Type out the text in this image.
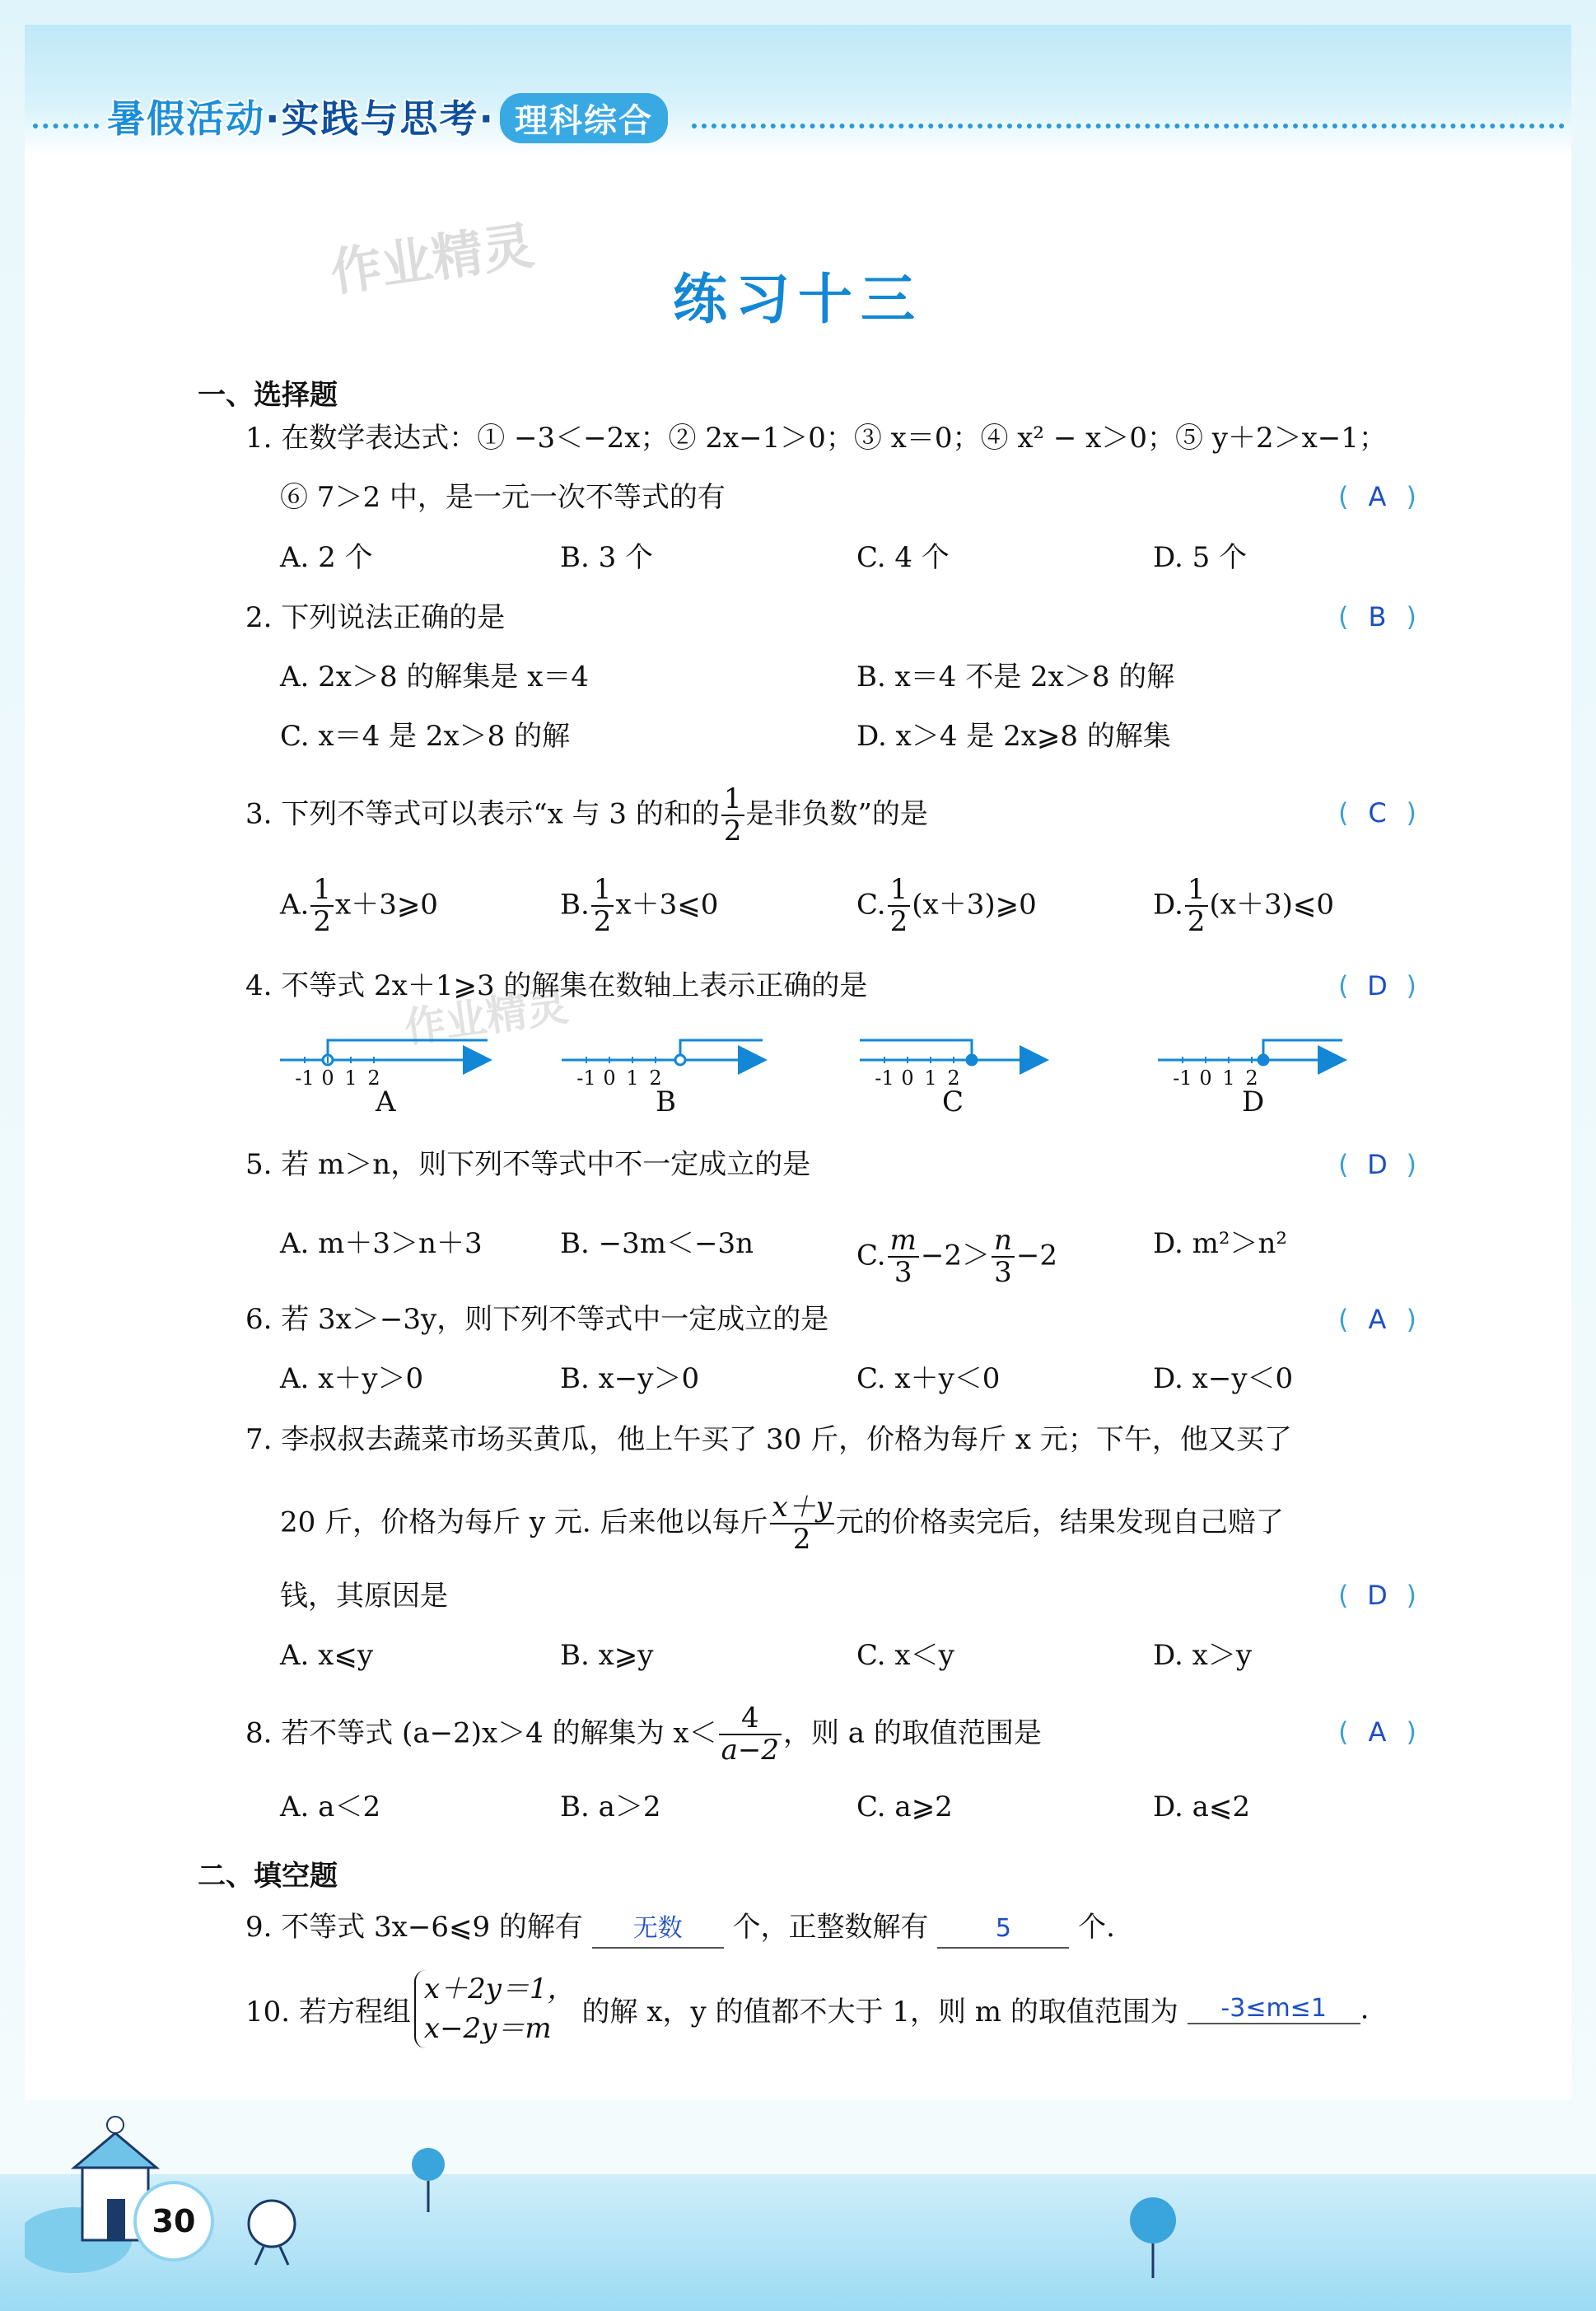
暑假活动·实践与思考· 理科综合
作业精灵
作业精灵
练习十三
一、选择题
1. 在数学表达式：① −3＜−2x；② 2x−1＞0；③ x＝0；④ x² − x＞0；⑤ y＋2＞x−1；
⑥ 7＞2 中，是一元一次不等式的有	( A )
A. 2 个	B. 3 个	C. 4 个	D. 5 个
2. 下列说法正确的是	( B )
A. 2x＞8 的解集是 x＝4	B. x＝4 不是 2x＞8 的解
C. x＝4 是 2x＞8 的解	D. x＞4 是 2x⩾8 的解集
3. 下列不等式可以表示“x 与 3 的和的 $\frac{1}{2}$ 是非负数”的是	( C )
A. $\frac{1}{2}$ x＋3⩾0	B. $\frac{1}{2}$ x＋3⩽0	C. $\frac{1}{2}$ (x＋3)⩾0	D. $\frac{1}{2}$ (x＋3)⩽0
4. 不等式 2x＋1⩾3 的解集在数轴上表示正确的是	( D )
-1 0 1 2	-1 0 1 2	-1 0 1 2	-1 0 1 2
A	B	C	D
5. 若 m＞n，则下列不等式中不一定成立的是	( D )
A. m＋3＞n＋3	B. −3m＜−3n	C. $\frac{m}{3} -2> \frac{n}{3} -2$	D. m²＞n²
6. 若 3x＞−3y，则下列不等式中一定成立的是	( A )
A. x＋y＞0	B. x−y＞0	C. x＋y＜0	D. x−y＜0
7. 李叔叔去蔬菜市场买黄瓜，他上午买了 30 斤，价格为每斤 x 元；下午，他又买了
20 斤，价格为每斤 y 元. 后来他以每斤 $\frac{x+y}{2}$ 元的价格卖完后，结果发现自己赔了
钱，其原因是	( D )
A. x⩽y	B. x⩾y	C. x＜y	D. x＞y
8. 若不等式 (a−2)x＞4 的解集为 $x< \frac{4}{a-2}$ ，则 a 的取值范围是	( A )
A. a＜2	B. a＞2	C. a⩾2	D. a⩽2
二、填空题
9. 不等式 3x−6⩽9 的解有 无数 个，正整数解有	5 个.
10. 若方程组
x＋2y＝1，
x−2y＝m	的解 x，y 的值都不大于 1，则 m 的取值范围为 -3≤m≤1 .
30
